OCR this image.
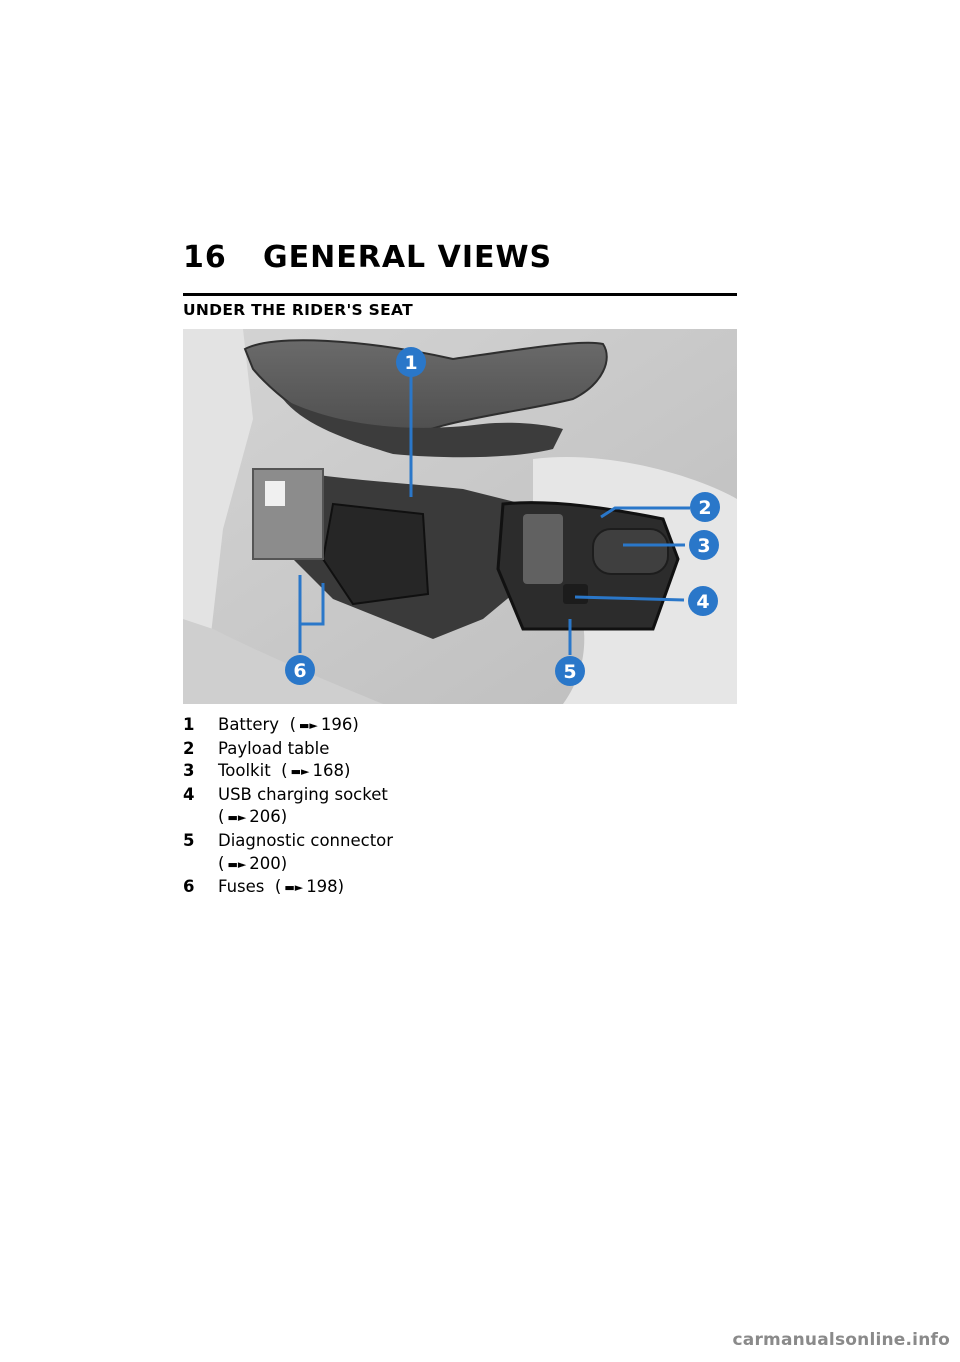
16 GENERAL VIEWS
UNDER THE RIDER'S SEAT
1
2
3
4
5
6
1 Battery ( ▬► 196)
2 Payload table
3 Toolkit ( ▬► 168)
4 USB charging socket
( ▬► 206)
5 Diagnostic connector
( ▬► 200)
6 Fuses ( ▬► 198)
carmanualsonline.info
